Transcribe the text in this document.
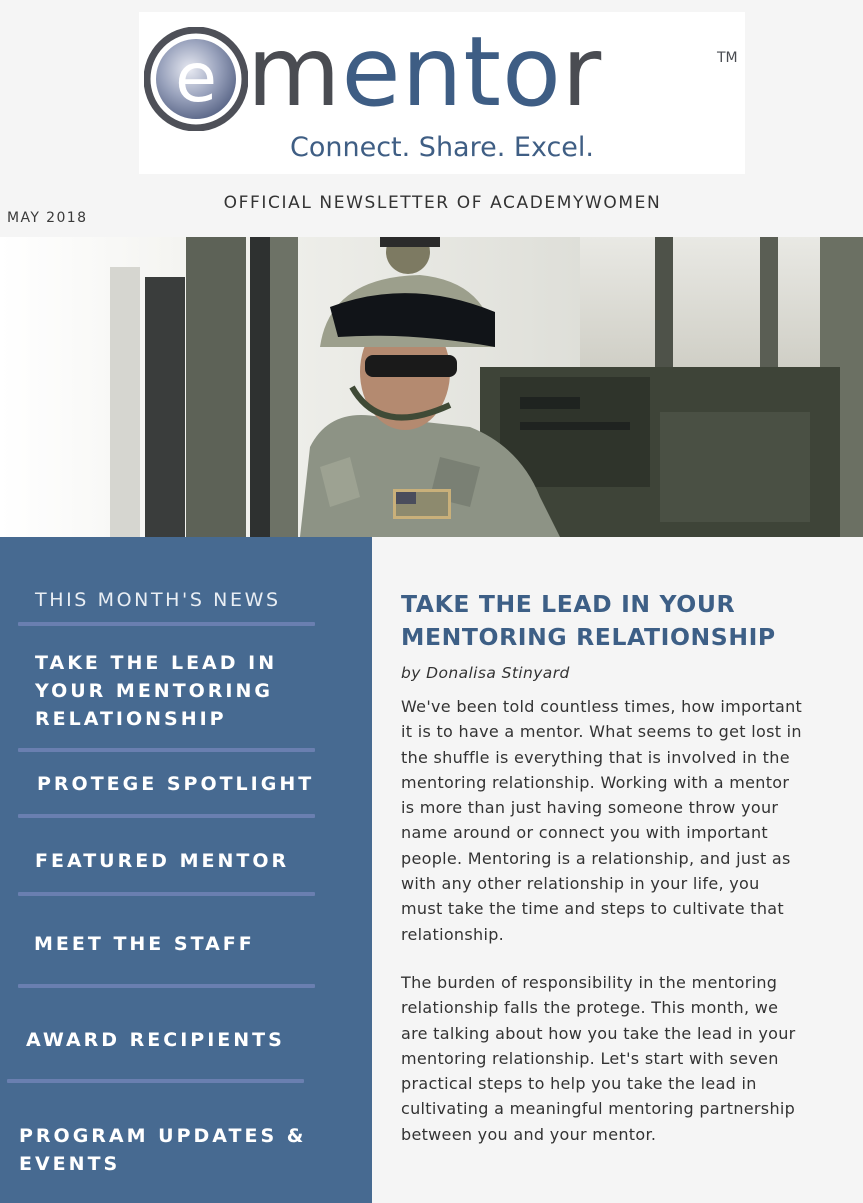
e mentor	TM
Connect. Share. Excel.
OFFICIAL NEWSLETTER OF ACADEMYWOMEN
MAY 2018
THIS MONTH'S NEWS
TAKE THE LEAD IN
YOUR MENTORING
RELATIONSHIP
PROTEGE SPOTLIGHT
FEATURED MENTOR
MEET THE STAFF
AWARD RECIPIENTS
PROGRAM UPDATES &
EVENTS
TAKE THE LEAD IN YOUR
MENTORING RELATIONSHIP
by Donalisa Stinyard
We've been told countless times, how important
it is to have a mentor. What seems to get lost in
the shuffle is everything that is involved in the
mentoring relationship. Working with a mentor
is more than just having someone throw your
name around or connect you with important
people. Mentoring is a relationship, and just as
with any other relationship in your life, you
must take the time and steps to cultivate that
relationship.
The burden of responsibility in the mentoring
relationship falls the protege. This month, we
are talking about how you take the lead in your
mentoring relationship. Let's start with seven
practical steps to help you take the lead in
cultivating a meaningful mentoring partnership
between you and your mentor.
